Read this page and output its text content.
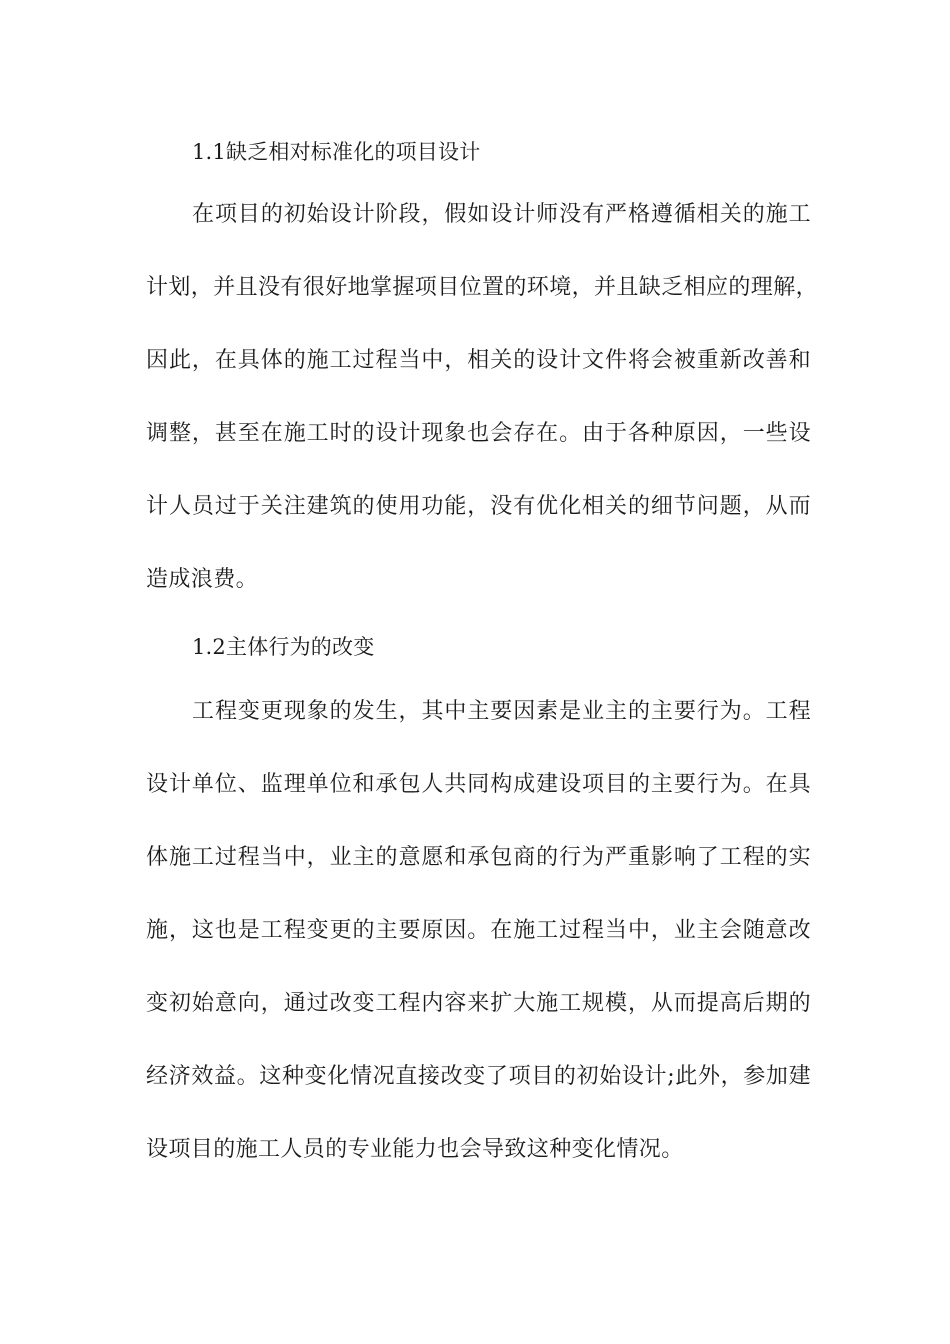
1.1缺乏相对标准化的项目设计
在项目的初始设计阶段，假如设计师没有严格遵循相关的施工
计划，并且没有很好地掌握项目位置的环境，并且缺乏相应的理解，
因此，在具体的施工过程当中，相关的设计文件将会被重新改善和
调整，甚至在施工时的设计现象也会存在。由于各种原因，一些设
计人员过于关注建筑的使用功能，没有优化相关的细节问题，从而
造成浪费。
1.2主体行为的改变
工程变更现象的发生，其中主要因素是业主的主要行为。工程
设计单位、监理单位和承包人共同构成建设项目的主要行为。在具
体施工过程当中，业主的意愿和承包商的行为严重影响了工程的实
施，这也是工程变更的主要原因。在施工过程当中，业主会随意改
变初始意向，通过改变工程内容来扩大施工规模，从而提高后期的
经济效益。这种变化情况直接改变了项目的初始设计;此外，参加建
设项目的施工人员的专业能力也会导致这种变化情况。
